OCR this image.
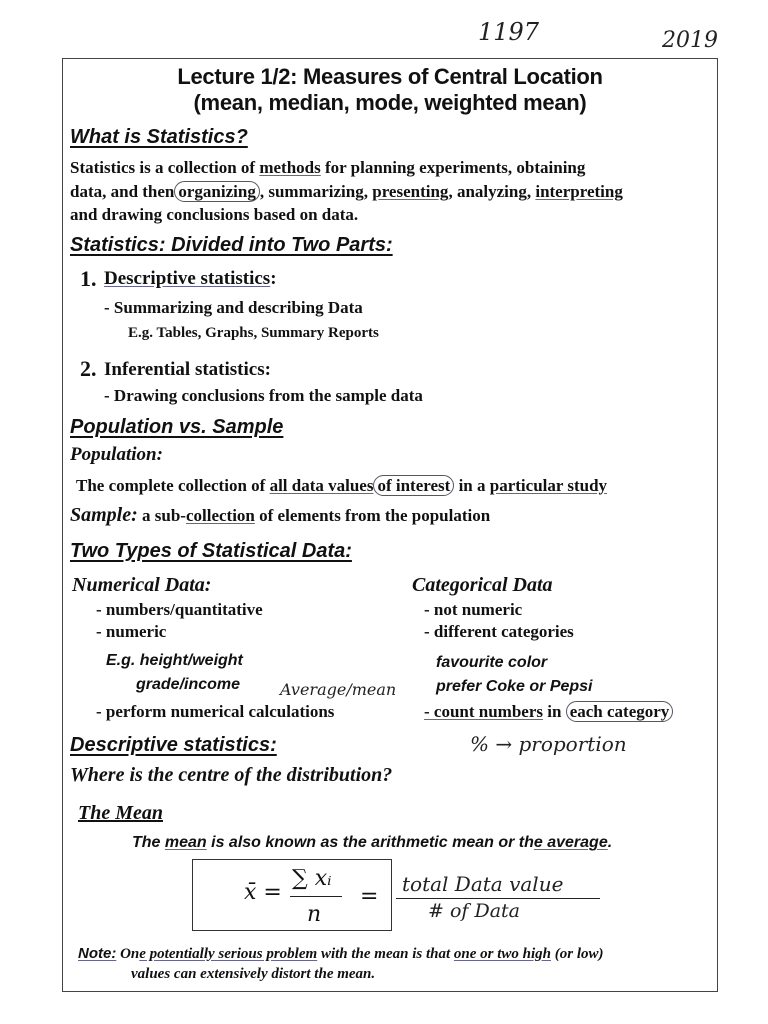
1197	2019
Lecture 1/2: Measures of Central Location
(mean, median, mode, weighted mean)
What is Statistics?
Statistics is a collection of methods for planning experiments, obtaining
data, and then organizing , summarizing, presenting, analyzing, interpreting
and drawing conclusions based on data.
Statistics: Divided into Two Parts:
1. Descriptive statistics:
- Summarizing and describing Data
E.g. Tables, Graphs, Summary Reports
2. Inferential statistics:
- Drawing conclusions from the sample data
Population vs. Sample
Population:
The complete collection of all data values of interest in a particular study
Sample: a sub-collection of elements from the population
Two Types of Statistical Data:
Numerical Data:
- numbers/quantitative
- numeric
E.g. height/weight
grade/income
- perform numerical calculations
Average/mean
Categorical Data
- not numeric
- different categories
favourite color
prefer Coke or Pepsi
- count numbers in each category
% → proportion
Descriptive statistics:
Where is the centre of the distribution?
The Mean
The mean is also known as the arithmetic mean or the average.
x̄ =
∑ xᵢ
n
= total Data value
# of Data
Note: One potentially serious problem with the mean is that one or two high (or low)
values can extensively distort the mean.
